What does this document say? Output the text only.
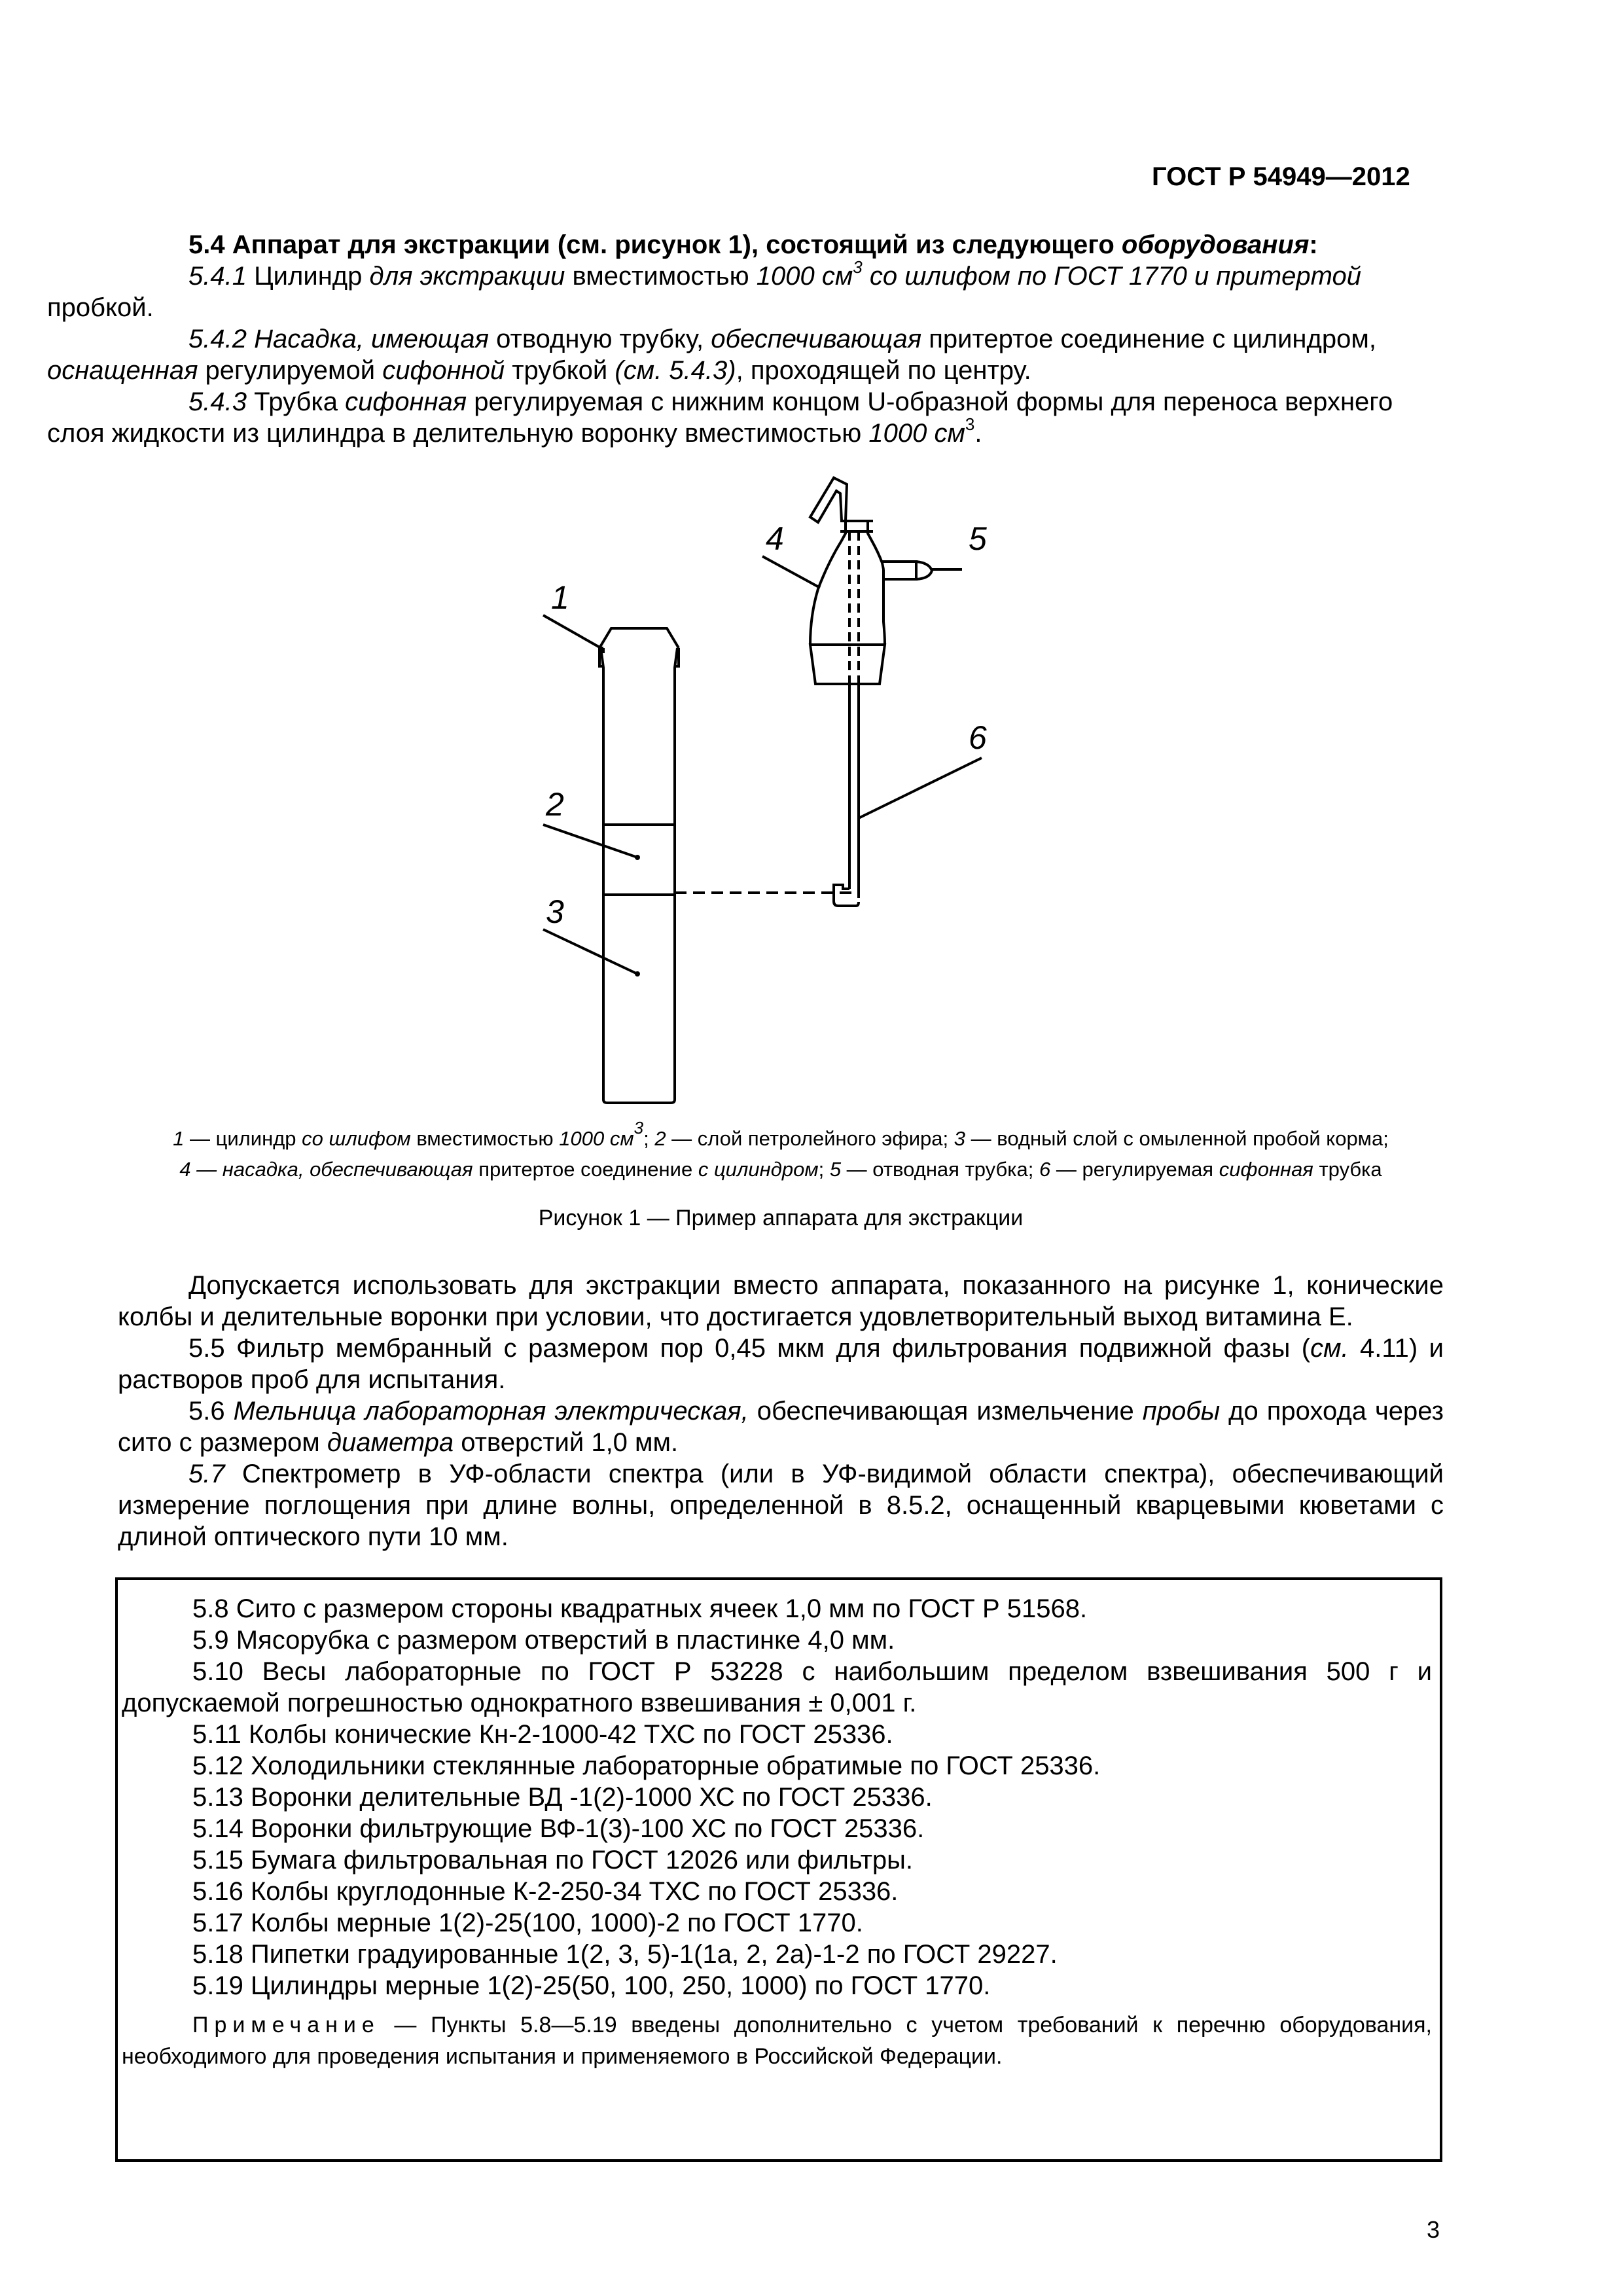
ГОСТ Р 54949—2012

5.4 Аппарат для экстракции (см. рисунок 1), состоящий из следующего оборудования:

5.4.1 Цилиндр для экстракции вместимостью 1000 $см^3$ со шлифом по ГОСТ 1770 и притертой
пробкой.

5.4.2 Насадка, имеющая отводную трубку, обеспечивающая притертое соединение с цилиндром,
оснащенная регулируемой сифонной трубкой (см. 5.4.3), проходящей по центру.

5.4.3 Трубка сифонная регулируемая с нижним концом U-образной формы для переноса верхнего
слоя жидкости из цилиндра в делительную воронку вместимостью 1000 $см^3$.

1
2
3
4	5
6
1 — цилиндр со шлифом вместимостью 1000 $см^3$; 2 — слой петролейного эфира; 3 — водный слой с омыленной пробой корма;
4 — насадка, обеспечивающая притертое соединение с цилиндром; 5 — отводная трубка; 6 — регулируемая сифонная трубка
Рисунок 1 — Пример аппарата для экстракции

Допускается использовать для экстракции вместо аппарата, показанного на рисунке 1, конические колбы и делительные воронки при условии, что достигается удовлетворительный выход витамина Е.

5.5 Фильтр мембранный с размером пор 0,45 мкм для фильтрования подвижной фазы (см. 4.11) и растворов проб для испытания.

5.6 Мельница лабораторная электрическая, обеспечивающая измельчение пробы до прохода через сито с размером диаметра отверстий 1,0 мм.

5.7 Спектрометр в УФ-области спектра (или в УФ-видимой области спектра), обеспечивающий измерение поглощения при длине волны, определенной в 8.5.2, оснащенный кварцевыми кюветами с длиной оптического пути 10 мм.

5.8 Сито с размером стороны квадратных ячеек 1,0 мм по ГОСТ Р 51568.

5.9 Мясорубка с размером отверстий в пластинке 4,0 мм.

5.10 Весы лабораторные по ГОСТ Р 53228 с наибольшим пределом взвешивания 500 г и допускаемой погрешностью однократного взвешивания ± 0,001 г.

5.11 Колбы конические Кн-2-1000-42 ТХС по ГОСТ 25336.

5.12 Холодильники стеклянные лабораторные обратимые по ГОСТ 25336.

5.13 Воронки делительные ВД -1(2)-1000 ХС по ГОСТ 25336.

5.14 Воронки фильтрующие ВФ-1(3)-100 ХС по ГОСТ 25336.

5.15 Бумага фильтровальная по ГОСТ 12026 или фильтры.

5.16 Колбы круглодонные К-2-250-34 ТХС по ГОСТ 25336.

5.17 Колбы мерные 1(2)-25(100, 1000)-2 по ГОСТ 1770.

5.18 Пипетки градуированные 1(2, 3, 5)-1(1а, 2, 2а)-1-2 по ГОСТ 29227.

5.19 Цилиндры мерные 1(2)-25(50, 100, 250, 1000) по ГОСТ 1770.

Примечание — Пункты 5.8—5.19 введены дополнительно с учетом требований к перечню оборудования, необходимого для проведения испытания и применяемого в Российской Федерации.

3
